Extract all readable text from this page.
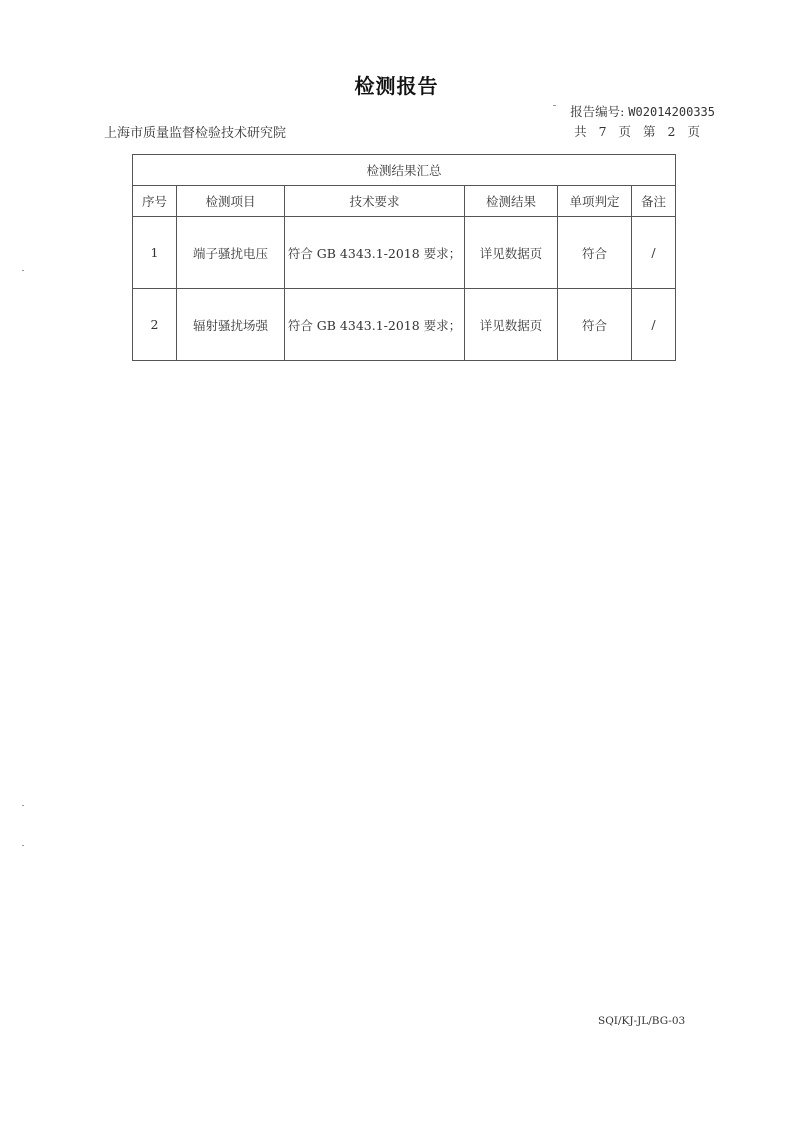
检测报告
报告编号: W02014200335
上海市质量监督检验技术研究院	共 7 页 第 2 页
检测结果汇总					
序号	检测项目	技术要求	检测结果	单项判定	备注
1	端子骚扰电压	符合 GB 4343.1-2018 要求；	详见数据页	符合	/
2	辐射骚扰场强	符合 GB 4343.1-2018 要求；	详见数据页	符合	/
SQI/KJ-JL/BG-03
